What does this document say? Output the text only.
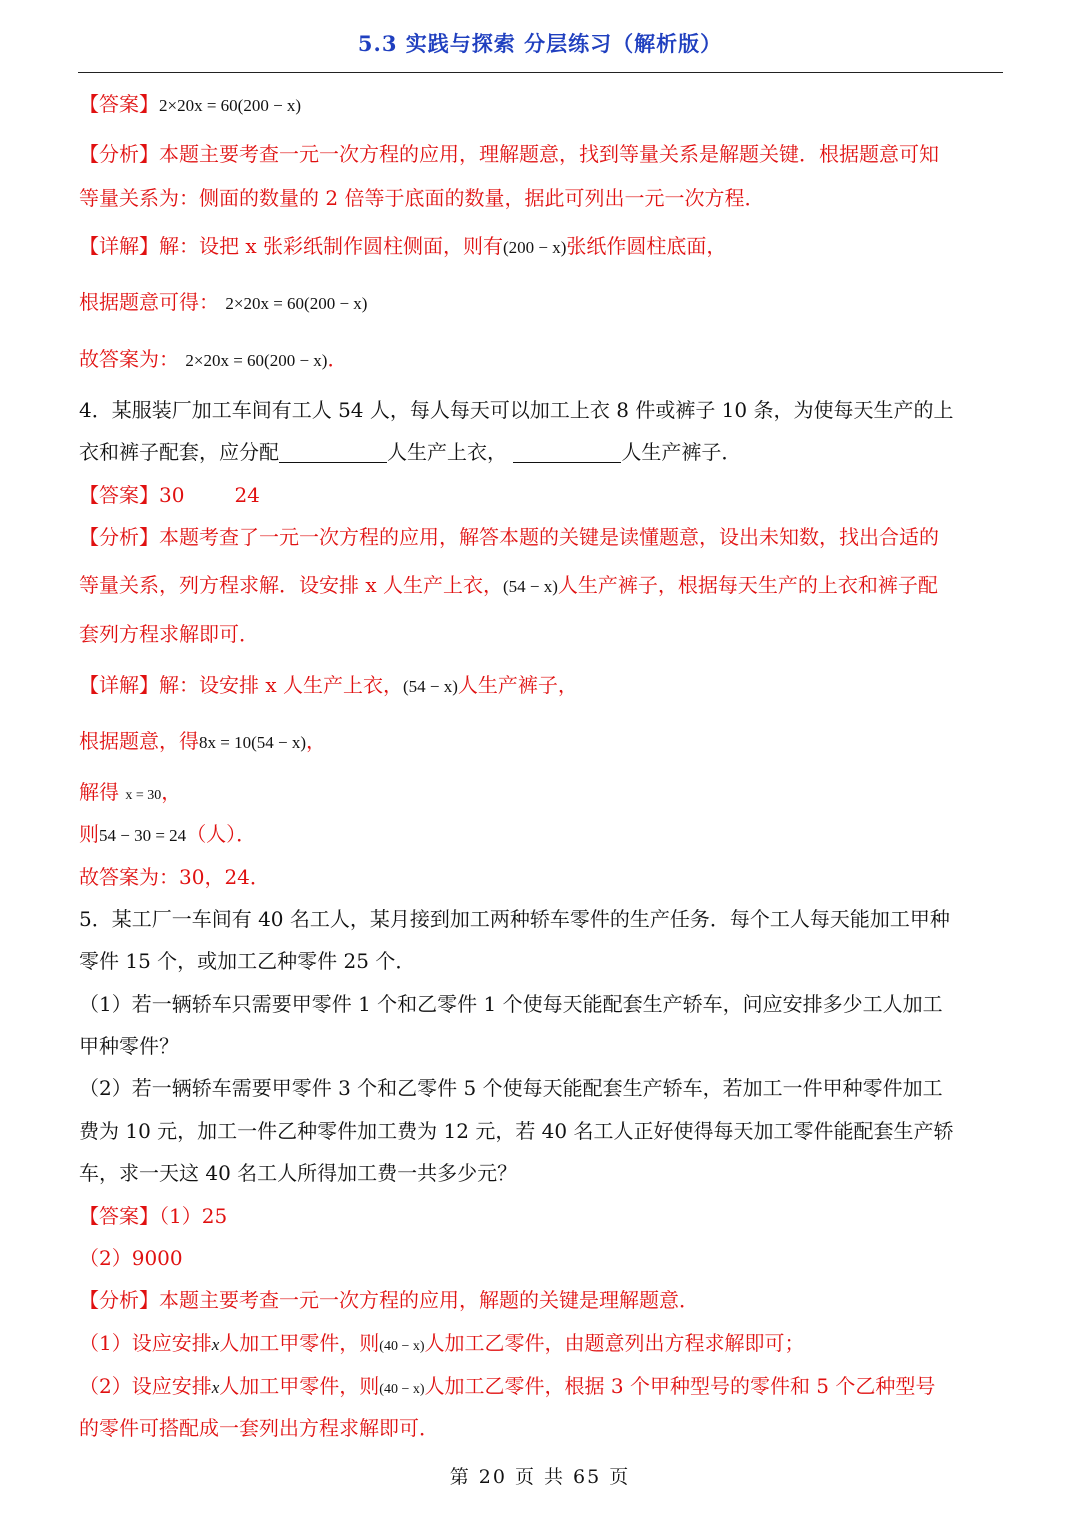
5.3 实践与探索 分层练习（解析版）
【答案】2×20x = 60(200 − x)
【分析】本题主要考查一元一次方程的应用，理解题意，找到等量关系是解题关键．根据题意可知
等量关系为：侧面的数量的 2 倍等于底面的数量，据此可列出一元一次方程．
【详解】解：设把 x 张彩纸制作圆柱侧面，则有(200 − x)张纸作圆柱底面，
根据题意可得： 2×20x = 60(200 − x)
故答案为： 2×20x = 60(200 − x)．
4．某服装厂加工车间有工人 54 人，每人每天可以加工上衣 8 件或裤子 10 条，为使每天生产的上
衣和裤子配套，应分配	人生产上衣，	人生产裤子．
【答案】30	24
【分析】本题考查了一元一次方程的应用，解答本题的关键是读懂题意，设出未知数，找出合适的
等量关系，列方程求解．设安排 x 人生产上衣，(54 − x)人生产裤子，根据每天生产的上衣和裤子配
套列方程求解即可．
【详解】解：设安排 x 人生产上衣，(54 − x)人生产裤子，
根据题意，得8x = 10(54 − x)，
解得 x = 30，
则54 − 30 = 24（人）．
故答案为：30，24．
5．某工厂一车间有 40 名工人，某月接到加工两种轿车零件的生产任务．每个工人每天能加工甲种
零件 15 个，或加工乙种零件 25 个．
（1）若一辆轿车只需要甲零件 1 个和乙零件 1 个使每天能配套生产轿车，问应安排多少工人加工
甲种零件？
（2）若一辆轿车需要甲零件 3 个和乙零件 5 个使每天能配套生产轿车，若加工一件甲种零件加工
费为 10 元，加工一件乙种零件加工费为 12 元，若 40 名工人正好使得每天加工零件能配套生产轿
车，求一天这 40 名工人所得加工费一共多少元？
【答案】（1）25
（2）9000
【分析】本题主要考查一元一次方程的应用，解题的关键是理解题意．
（1）设应安排x人加工甲零件，则(40 − x)人加工乙零件，由题意列出方程求解即可；
（2）设应安排x人加工甲零件，则(40 − x)人加工乙零件，根据 3 个甲种型号的零件和 5 个乙种型号
的零件可搭配成一套列出方程求解即可．
第 20 页 共 65 页
